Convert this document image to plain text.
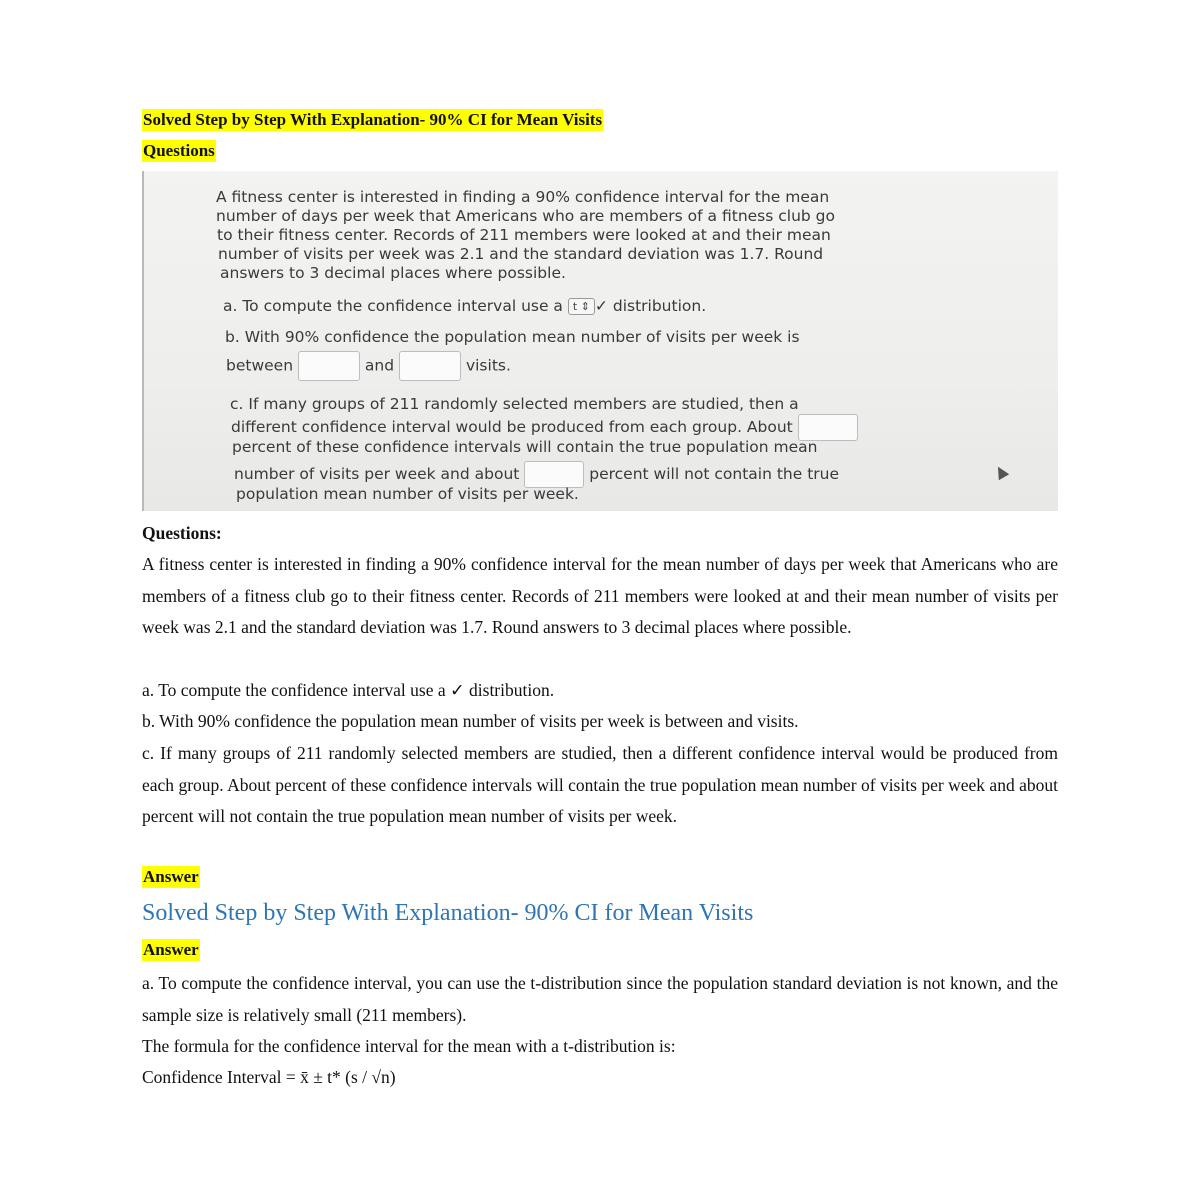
Solved Step by Step With Explanation- 90% CI for Mean Visits
Questions
A fitness center is interested in finding a 90% confidence interval for the mean
number of days per week that Americans who are members of a fitness club go
to their fitness center. Records of 211 members were looked at and their mean
number of visits per week was 2.1 and the standard deviation was 1.7. Round
answers to 3 decimal places where possible.
a. To compute the confidence interval use a t ⇕ ✓ distribution.
b. With 90% confidence the population mean number of visits per week is
between	and	visits.
c. If many groups of 211 randomly selected members are studied, then a
different confidence interval would be produced from each group. About
percent of these confidence intervals will contain the true population mean
number of visits per week and about	percent will not contain the true
population mean number of visits per week.
Questions:
A fitness center is interested in finding a 90% confidence interval for the mean number of days per week that Americans who are members of a fitness club go to their fitness center. Records of 211 members were looked at and their mean number of visits per week was 2.1 and the standard deviation was 1.7. Round answers to 3 decimal places where possible.
a. To compute the confidence interval use a ✓ distribution.
b. With 90% confidence the population mean number of visits per week is between and visits.
c. If many groups of 211 randomly selected members are studied, then a different confidence interval would be produced from each group. About percent of these confidence intervals will contain the true population mean number of visits per week and about percent will not contain the true population mean number of visits per week.
Answer
Solved Step by Step With Explanation- 90% CI for Mean Visits
Answer
a. To compute the confidence interval, you can use the t-distribution since the population standard deviation is not known, and the sample size is relatively small (211 members).
The formula for the confidence interval for the mean with a t-distribution is:
Confidence Interval = x̄ ± t* (s / √n)
